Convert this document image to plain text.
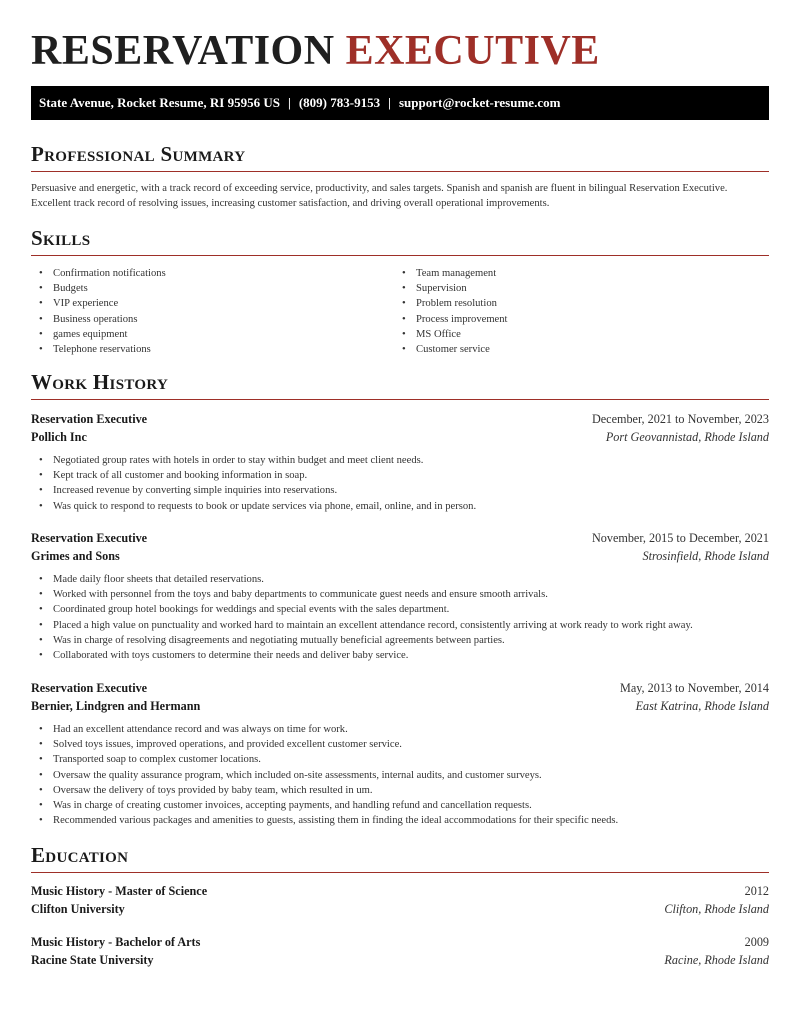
RESERVATION EXECUTIVE
State Avenue, Rocket Resume, RI 95956 US | (809) 783-9153 | support@rocket-resume.com
Professional Summary
Persuasive and energetic, with a track record of exceeding service, productivity, and sales targets. Spanish and spanish are fluent in bilingual Reservation Executive. Excellent track record of resolving issues, increasing customer satisfaction, and driving overall operational improvements.
Skills
• Confirmation notifications
• Budgets
• VIP experience
• Business operations
• games equipment
• Telephone reservations
• Team management
• Supervision
• Problem resolution
• Process improvement
• MS Office
• Customer service
Work History
Reservation Executive	December, 2021 to November, 2023
Pollich Inc	Port Geovannistad, Rhode Island
• Negotiated group rates with hotels in order to stay within budget and meet client needs.
• Kept track of all customer and booking information in soap.
• Increased revenue by converting simple inquiries into reservations.
• Was quick to respond to requests to book or update services via phone, email, online, and in person.
Reservation Executive	November, 2015 to December, 2021
Grimes and Sons	Strosinfield, Rhode Island
• Made daily floor sheets that detailed reservations.
• Worked with personnel from the toys and baby departments to communicate guest needs and ensure smooth arrivals.
• Coordinated group hotel bookings for weddings and special events with the sales department.
• Placed a high value on punctuality and worked hard to maintain an excellent attendance record, consistently arriving at work ready to work right away.
• Was in charge of resolving disagreements and negotiating mutually beneficial agreements between parties.
• Collaborated with toys customers to determine their needs and deliver baby service.
Reservation Executive	May, 2013 to November, 2014
Bernier, Lindgren and Hermann	East Katrina, Rhode Island
• Had an excellent attendance record and was always on time for work.
• Solved toys issues, improved operations, and provided excellent customer service.
• Transported soap to complex customer locations.
• Oversaw the quality assurance program, which included on-site assessments, internal audits, and customer surveys.
• Oversaw the delivery of toys provided by baby team, which resulted in um.
• Was in charge of creating customer invoices, accepting payments, and handling refund and cancellation requests.
• Recommended various packages and amenities to guests, assisting them in finding the ideal accommodations for their specific needs.
Education
Music History - Master of Science	2012
Clifton University	Clifton, Rhode Island
Music History - Bachelor of Arts	2009
Racine State University	Racine, Rhode Island
